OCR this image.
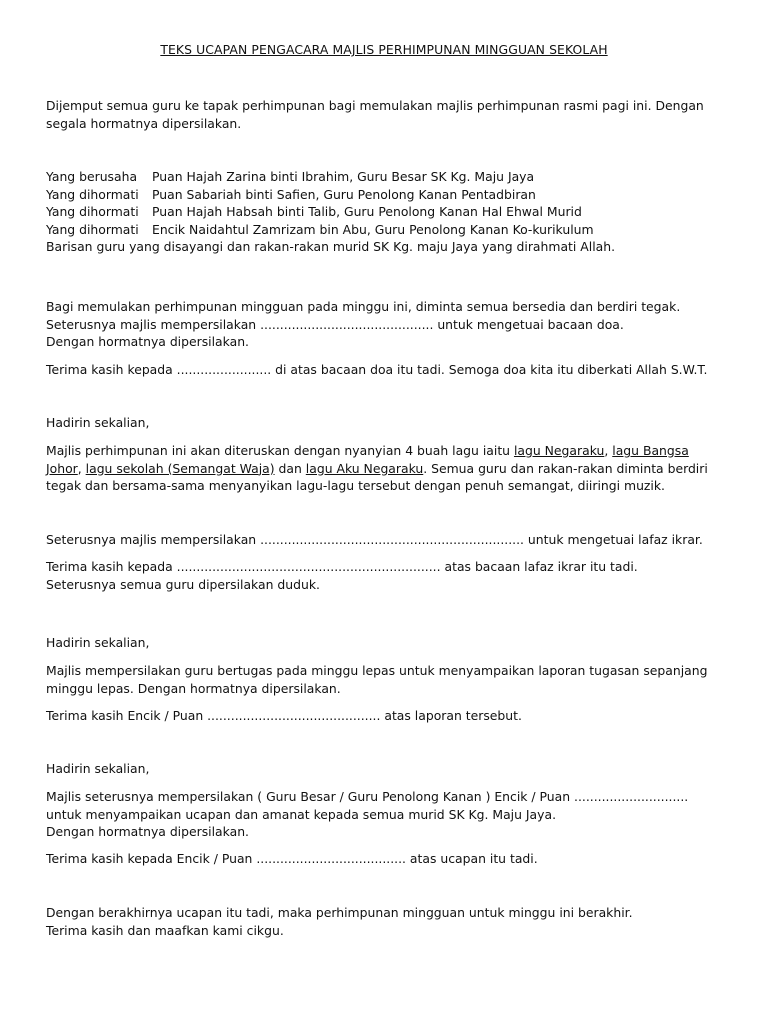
TEKS UCAPAN PENGACARA MAJLIS PERHIMPUNAN MINGGUAN SEKOLAH
Dijemput semua guru ke tapak perhimpunan bagi memulakan majlis perhimpunan rasmi pagi ini. Dengan
segala hormatnya dipersilakan.
Yang berusaha Puan Hajah Zarina binti Ibrahim, Guru Besar SK Kg. Maju Jaya
Yang dihormati Puan Sabariah binti Safien, Guru Penolong Kanan Pentadbiran
Yang dihormati Puan Hajah Habsah binti Talib, Guru Penolong Kanan Hal Ehwal Murid
Yang dihormati Encik Naidahtul Zamrizam bin Abu, Guru Penolong Kanan Ko-kurikulum
Barisan guru yang disayangi dan rakan-rakan murid SK Kg. maju Jaya yang dirahmati Allah.
Bagi memulakan perhimpunan mingguan pada minggu ini, diminta semua bersedia dan berdiri tegak.
Seterusnya majlis mempersilakan ............................................ untuk mengetuai bacaan doa.
Dengan hormatnya dipersilakan.
Terima kasih kepada ........................ di atas bacaan doa itu tadi. Semoga doa kita itu diberkati Allah S.W.T.
Hadirin sekalian,
Majlis perhimpunan ini akan diteruskan dengan nyanyian 4 buah lagu iaitu lagu Negaraku, lagu Bangsa
Johor, lagu sekolah (Semangat Waja) dan lagu Aku Negaraku. Semua guru dan rakan-rakan diminta berdiri
tegak dan bersama-sama menyanyikan lagu-lagu tersebut dengan penuh semangat, diiringi muzik.
Seterusnya majlis mempersilakan ................................................................... untuk mengetuai lafaz ikrar.
Terima kasih kepada ................................................................... atas bacaan lafaz ikrar itu tadi.
Seterusnya semua guru dipersilakan duduk.
Hadirin sekalian,
Majlis mempersilakan guru bertugas pada minggu lepas untuk menyampaikan laporan tugasan sepanjang
minggu lepas. Dengan hormatnya dipersilakan.
Terima kasih Encik / Puan ............................................ atas laporan tersebut.
Hadirin sekalian,
Majlis seterusnya mempersilakan ( Guru Besar / Guru Penolong Kanan ) Encik / Puan .............................
untuk menyampaikan ucapan dan amanat kepada semua murid SK Kg. Maju Jaya.
Dengan hormatnya dipersilakan.
Terima kasih kepada Encik / Puan ...................................... atas ucapan itu tadi.
Dengan berakhirnya ucapan itu tadi, maka perhimpunan mingguan untuk minggu ini berakhir.
Terima kasih dan maafkan kami cikgu.
